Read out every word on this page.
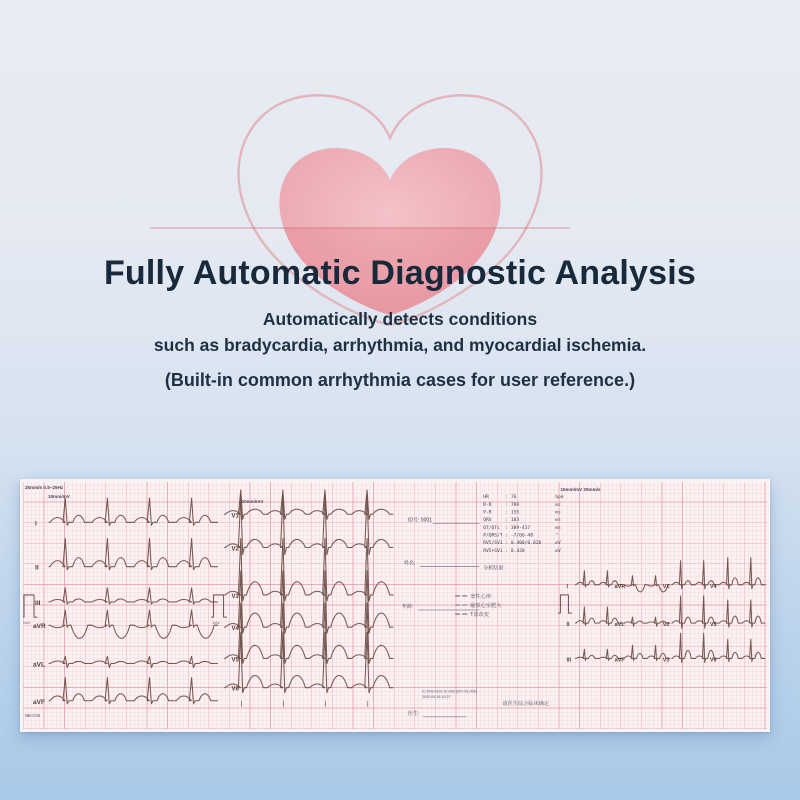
Fully Automatic Diagnostic Analysis
Automatically detects conditions
such as bradycardia, arrhythmia, and myocardial ischemia.
(Built-in common arrhythmia cases for user reference.)
25mm/s 0.5~25Hz
10mm/mV
10mm/mV
10mm/mV 25mm/s
1mV	1mV
I
II
III
aVR
aVL
aVF
V1
V2
V3
V4
V5
V6
I	aVR	V1	V4
II	aVL	V2	V5
III	aVF	V3	V6
ID号: 0001
姓名:
年龄:
医生:
HR	: 76	bpm
R-R	: 789	ms
P-R	: 155	ms
QRS	: 103	ms
QT/QTc : 389-437	ms
P/QRS/T : -7/66-48	°
RV5/SV1 : 0.400/0.020	mV
RV5+SV1 : 0.420	mV
分析结果:
窦性心律
疑似心室肥大
T波改变
IC-D03-0101 IC-D06 (007-91-006)
2020-04-16 10:27
请医生综合临床确定
NB-C06
